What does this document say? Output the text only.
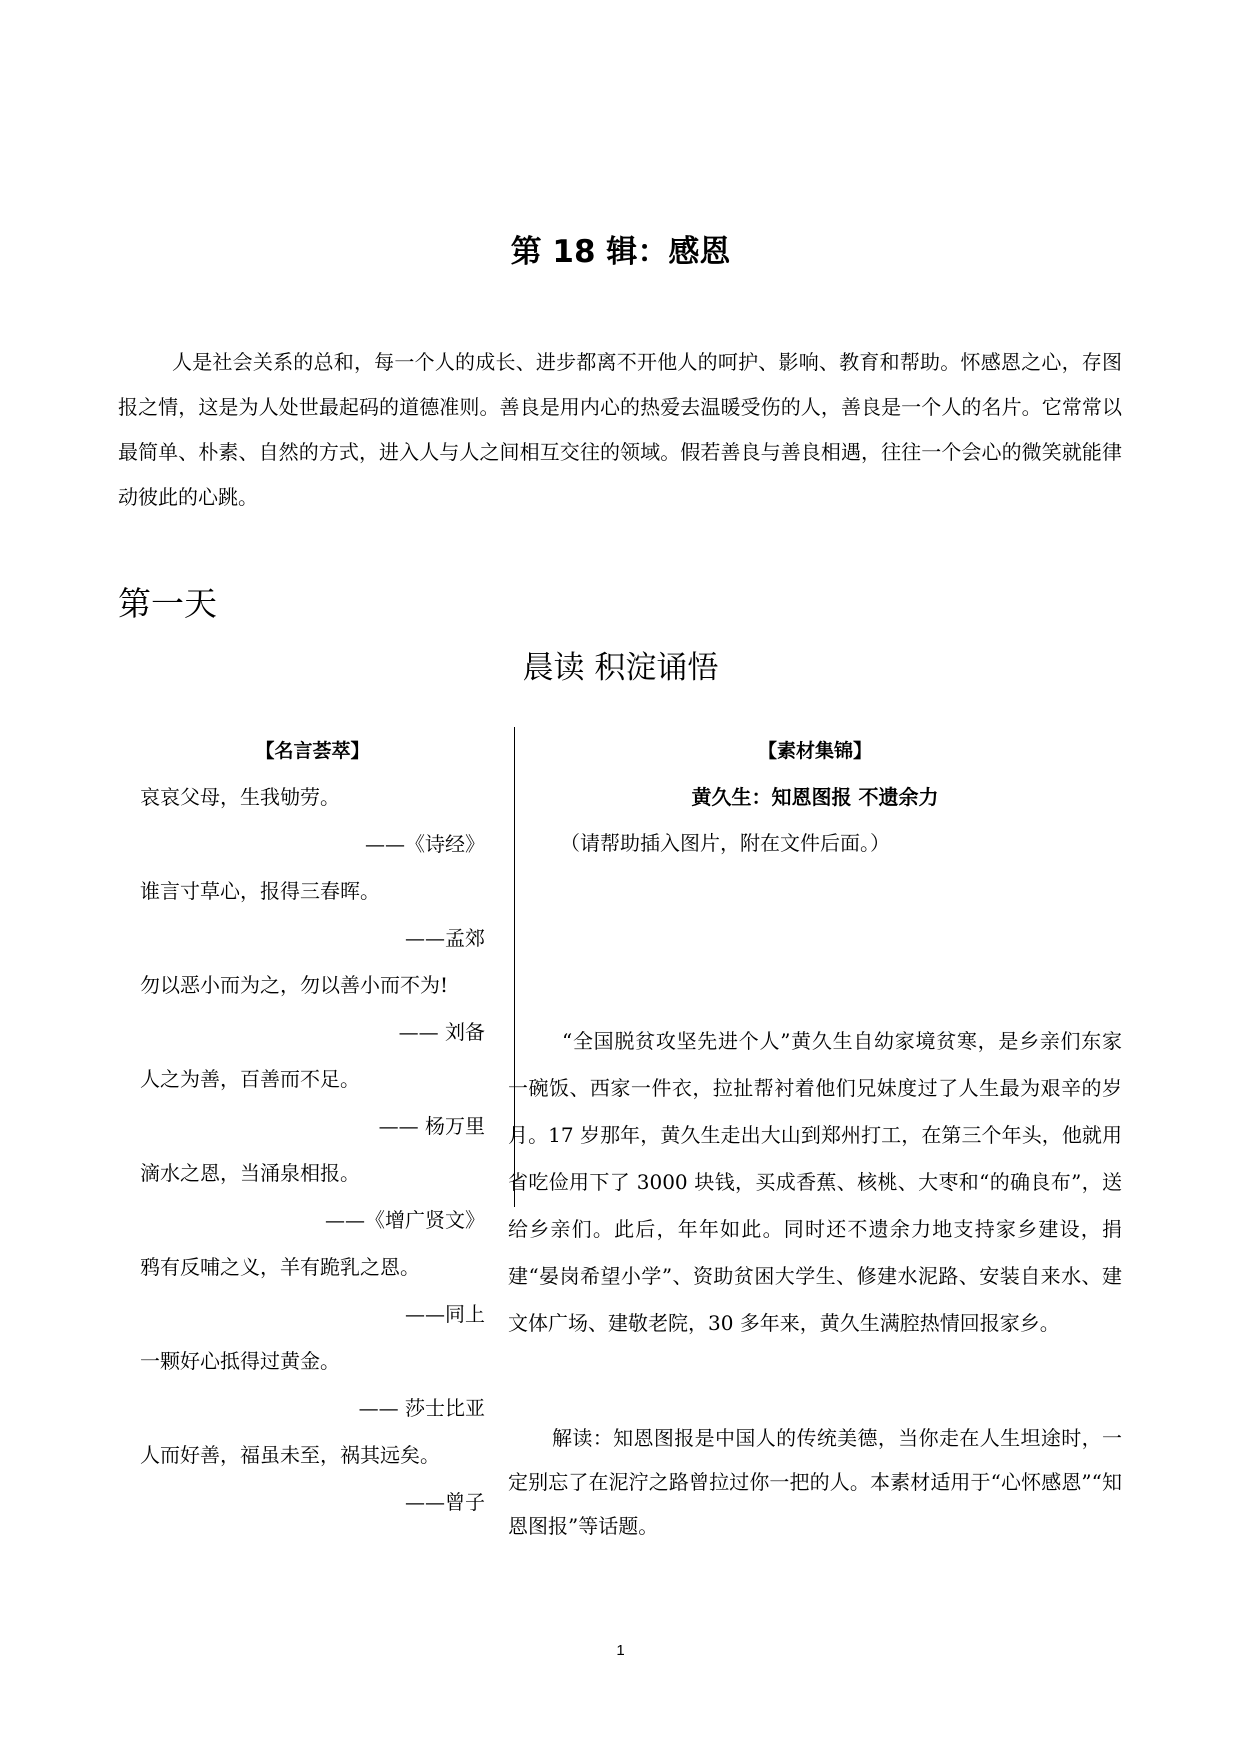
第 18 辑：感恩
人是社会关系的总和，每一个人的成长、进步都离不开他人的呵护、影响、教育和帮助。怀感恩之心，存图报之情，这是为人处世最起码的道德准则。善良是用内心的热爱去温暖受伤的人，善良是一个人的名片。它常常以最简单、朴素、自然的方式，进入人与人之间相互交往的领域。假若善良与善良相遇，往往一个会心的微笑就能律动彼此的心跳。
第一天
晨读 积淀诵悟
【名言荟萃】
哀哀父母，生我劬劳。
——《诗经》
谁言寸草心，报得三春晖。
——孟郊
勿以恶小而为之，勿以善小而不为!
—— 刘备
人之为善，百善而不足。
—— 杨万里
滴水之恩，当涌泉相报。
——《增广贤文》
鸦有反哺之义，羊有跪乳之恩。
——同上
一颗好心抵得过黄金。
—— 莎士比亚
人而好善，福虽未至，祸其远矣。
——曾子
【素材集锦】
黄久生：知恩图报 不遗余力
（请帮助插入图片，附在文件后面。）
“全国脱贫攻坚先进个人”黄久生自幼家境贫寒，是乡亲们东家一碗饭、西家一件衣，拉扯帮衬着他们兄妹度过了人生最为艰辛的岁月。17 岁那年，黄久生走出大山到郑州打工，在第三个年头，他就用省吃俭用下了 3000 块钱，买成香蕉、核桃、大枣和“的确良布”，送给乡亲们。此后，年年如此。同时还不遗余力地支持家乡建设，捐建“晏岗希望小学”、资助贫困大学生、修建水泥路、安装自来水、建文体广场、建敬老院，30 多年来，黄久生满腔热情回报家乡。
解读：知恩图报是中国人的传统美德，当你走在人生坦途时，一定别忘了在泥泞之路曾拉过你一把的人。本素材适用于“心怀感恩”“知恩图报”等话题。
1
